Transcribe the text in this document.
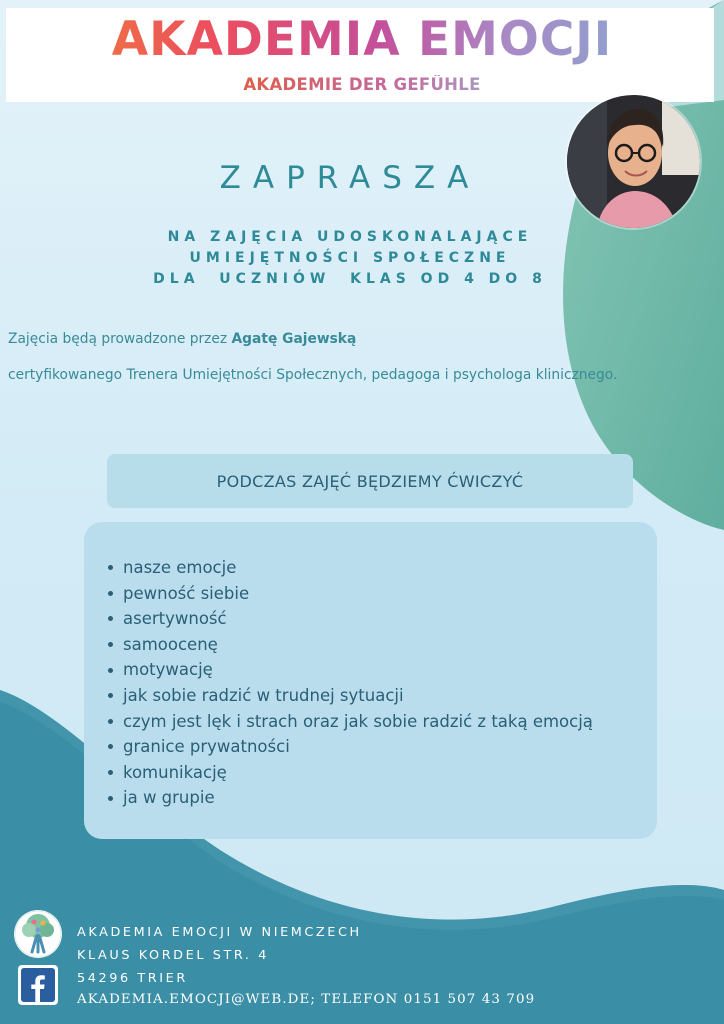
AKADEMIA EMOCJI
AKADEMIE DER GEFÜHLE
ZAPRASZA
NA ZAJĘCIA UDOSKONALAJĄCE
UMIEJĘTNOŚCI SPOŁECZNE
DLA  UCZNIÓW  KLAS OD 4 DO 8
Zajęcia będą prowadzone przez Agatę Gajewską
certyfikowanego Trenera Umiejętności Społecznych, pedagoga i psychologa klinicznego.
PODCZAS ZAJĘĆ BĘDZIEMY ĆWICZYĆ
nasze emocje
pewność siebie
asertywność
samoocenę
motywację
jak sobie radzić w trudnej sytuacji
czym jest lęk i strach oraz jak sobie radzić z taką emocją
granice prywatności
komunikację
ja w grupie
AKADEMIA EMOCJI W NIEMCZECH
KLAUS KORDEL STR. 4
54296 TRIER
AKADEMIA.EMOCJI@WEB.DE; TELEFON 0151 507 43 709
